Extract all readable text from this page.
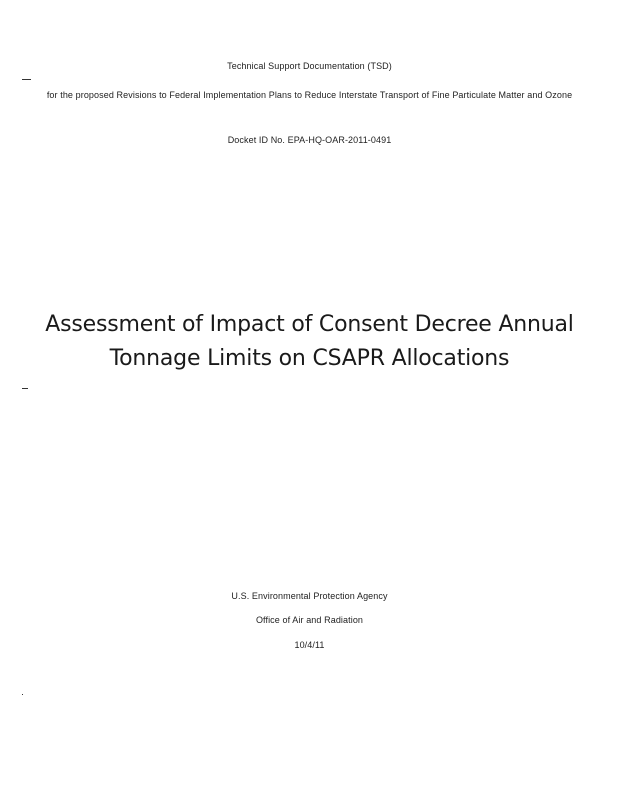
Technical Support Documentation (TSD)
for the proposed Revisions to Federal Implementation Plans to Reduce Interstate Transport of Fine Particulate Matter and Ozone
Docket ID No. EPA-HQ-OAR-2011-0491
Assessment of Impact of Consent Decree Annual
Tonnage Limits on CSAPR Allocations
U.S. Environmental Protection Agency
Office of Air and Radiation
10/4/11
